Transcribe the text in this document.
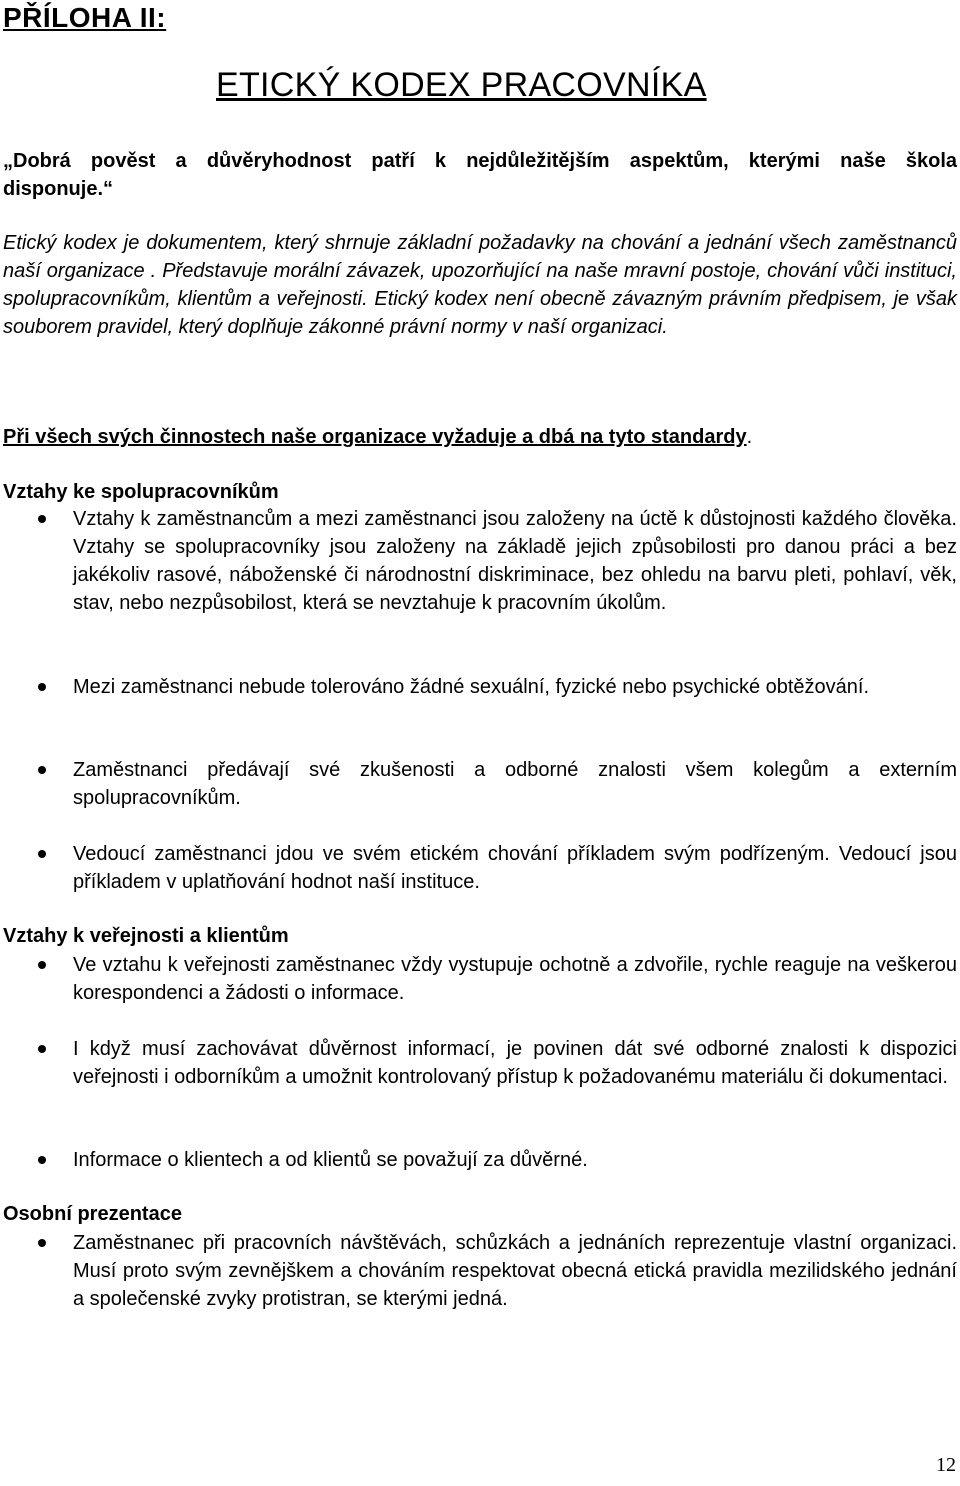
PŘÍLOHA II:
ETICKÝ KODEX PRACOVNÍKA

„Dobrá pověst a důvěryhodnost patří k nejdůležitějším aspektům, kterými naše škola disponuje.“

Etický kodex je dokumentem, který shrnuje základní požadavky na chování a jednání všech zaměstnanců naší organizace . Představuje morální závazek, upozorňující na naše mravní postoje, chování vůči instituci, spolupracovníkům, klientům a veřejnosti. Etický kodex není obecně závazným právním předpisem, je však souborem pravidel, který doplňuje zákonné právní normy v naší organizaci.

Při všech svých činnostech naše organizace vyžaduje a dbá na tyto standardy.

Vztahy ke spolupracovníkům
Vztahy k zaměstnancům a mezi zaměstnanci jsou založeny na úctě k důstojnosti každého člověka. Vztahy se spolupracovníky jsou založeny na základě jejich způsobilosti pro danou práci a bez jakékoliv rasové, náboženské či národnostní diskriminace, bez ohledu na barvu pleti, pohlaví, věk, stav, nebo nezpůsobilost, která se nevztahuje k pracovním úkolům.
Mezi zaměstnanci nebude tolerováno žádné sexuální, fyzické nebo psychické obtěžování.
Zaměstnanci předávají své zkušenosti a odborné znalosti všem kolegům a externím spolupracovníkům.
Vedoucí zaměstnanci jdou ve svém etickém chování příkladem svým podřízeným. Vedoucí jsou příkladem v uplatňování hodnot naší instituce.
Vztahy k veřejnosti a klientům
Ve vztahu k veřejnosti zaměstnanec vždy vystupuje ochotně a zdvořile, rychle reaguje na veškerou korespondenci a žádosti o informace.
I když musí zachovávat důvěrnost informací, je povinen dát své odborné znalosti k dispozici veřejnosti i odborníkům a umožnit kontrolovaný přístup k požadovanému materiálu či dokumentaci.
Informace o klientech a od klientů se považují za důvěrné.
Osobní prezentace
Zaměstnanec při pracovních návštěvách, schůzkách a jednáních reprezentuje vlastní organizaci. Musí proto svým zevnějškem a chováním respektovat obecná etická pravidla mezilidského jednání a společenské zvyky protistran, se kterými jedná.
12
